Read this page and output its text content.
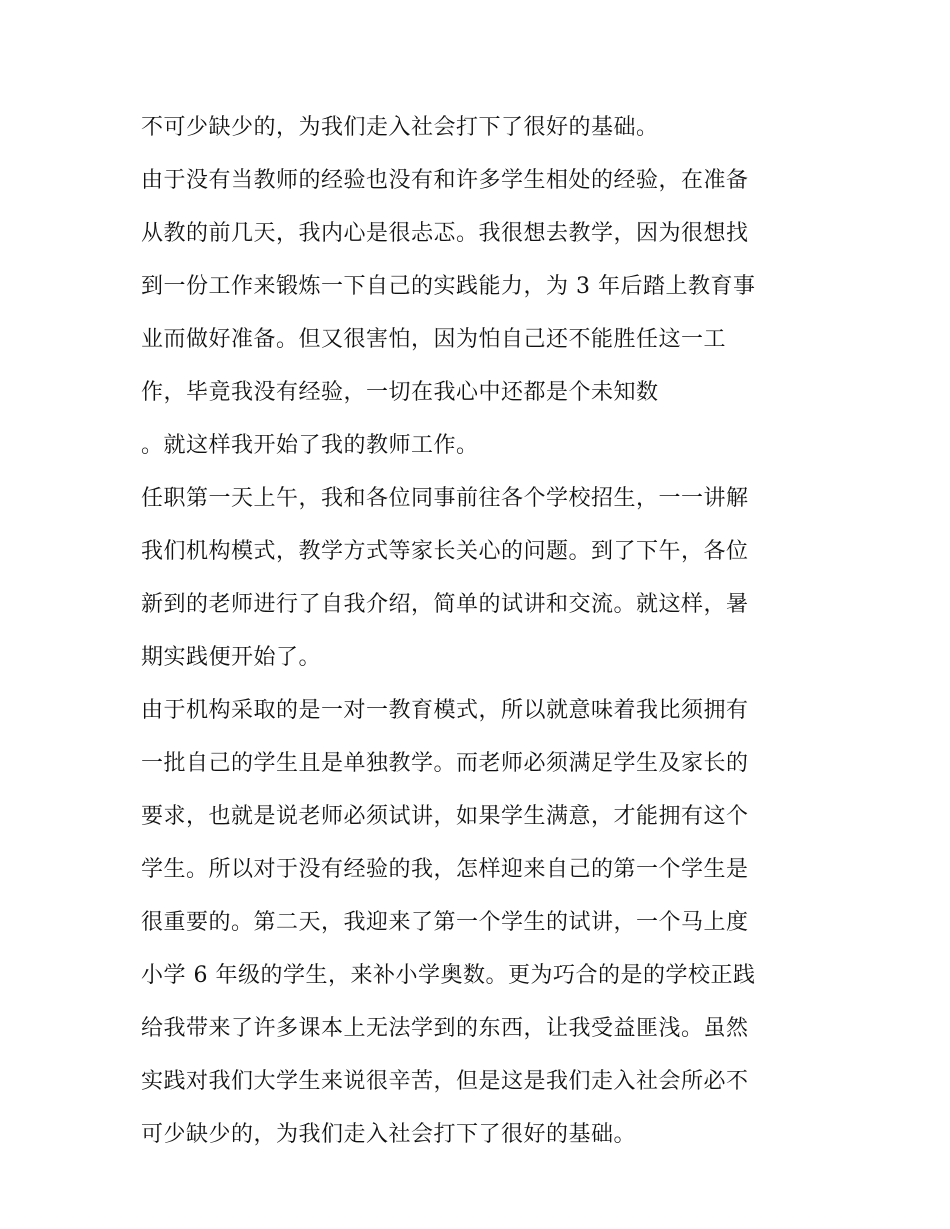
不可少缺少的，为我们走入社会打下了很好的基础。
由于没有当教师的经验也没有和许多学生相处的经验，在准备
从教的前几天，我内心是很忐忑。我很想去教学，因为很想找
到一份工作来锻炼一下自己的实践能力，为 3 年后踏上教育事
业而做好准备。但又很害怕，因为怕自己还不能胜任这一工
作，毕竟我没有经验，一切在我心中还都是个未知数
。就这样我开始了我的教师工作。
任职第一天上午，我和各位同事前往各个学校招生，一一讲解
我们机构模式，教学方式等家长关心的问题。到了下午，各位
新到的老师进行了自我介绍，简单的试讲和交流。就这样，暑
期实践便开始了。
由于机构采取的是一对一教育模式，所以就意味着我比须拥有
一批自己的学生且是单独教学。而老师必须满足学生及家长的
要求，也就是说老师必须试讲，如果学生满意，才能拥有这个
学生。所以对于没有经验的我，怎样迎来自己的第一个学生是
很重要的。第二天，我迎来了第一个学生的试讲，一个马上度
小学 6 年级的学生，来补小学奥数。更为巧合的是的学校正践
给我带来了许多课本上无法学到的东西，让我受益匪浅。虽然
实践对我们大学生来说很辛苦，但是这是我们走入社会所必不
可少缺少的，为我们走入社会打下了很好的基础。
